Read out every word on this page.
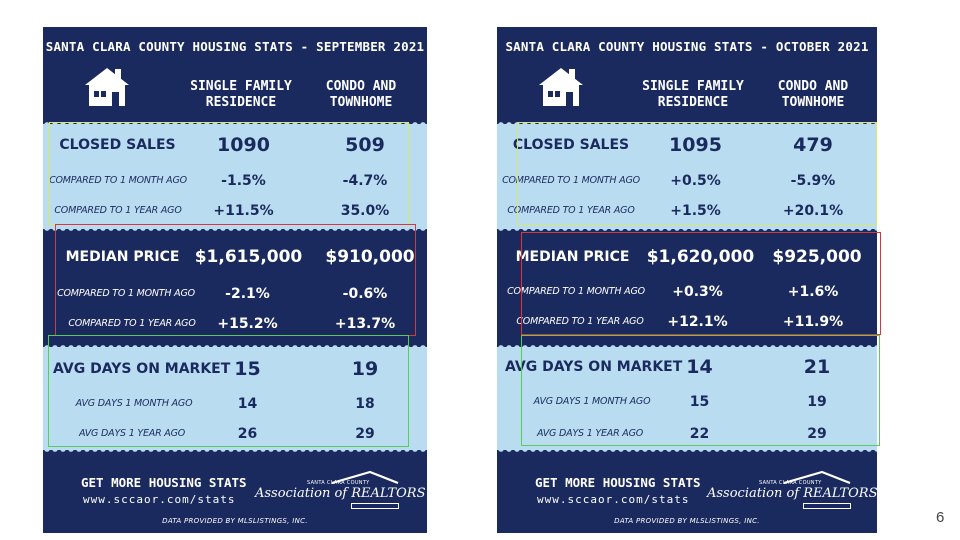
SANTA CLARA COUNTY HOUSING STATS - SEPTEMBER 2021
SINGLE FAMILY
RESIDENCE
CONDO AND
TOWNHOME
CLOSED SALES	1090	509
COMPARED TO 1 MONTH AGO	-1.5%	-4.7%
COMPARED TO 1 YEAR AGO	+11.5%	35.0%
MEDIAN PRICE $1,615,000	$910,000
COMPARED TO 1 MONTH AGO	-2.1%	-0.6%
COMPARED TO 1 YEAR AGO	+15.2%	+13.7%
AVG DAYS ON MARKET 15	19
AVG DAYS 1 MONTH AGO	14	18
AVG DAYS 1 YEAR AGO	26	29
GET MORE HOUSING STATS
www.sccaor.com/stats
SANTA CLARA COUNTY
Association of REALTORS
DATA PROVIDED BY MLSLISTINGS, INC.
SANTA CLARA COUNTY HOUSING STATS - OCTOBER 2021
SINGLE FAMILY
RESIDENCE
CONDO AND
TOWNHOME
CLOSED SALES	1095	479
COMPARED TO 1 MONTH AGO	+0.5%	-5.9%
COMPARED TO 1 YEAR AGO	+1.5%	+20.1%
MEDIAN PRICE $1,620,000	$925,000
COMPARED TO 1 MONTH AGO	+0.3%	+1.6%
COMPARED TO 1 YEAR AGO	+12.1%	+11.9%
AVG DAYS ON MARKET 14	21
AVG DAYS 1 MONTH AGO	15	19
AVG DAYS 1 YEAR AGO	22	29
GET MORE HOUSING STATS
www.sccaor.com/stats
SANTA CLARA COUNTY
Association of REALTORS
DATA PROVIDED BY MLSLISTINGS, INC.	6
